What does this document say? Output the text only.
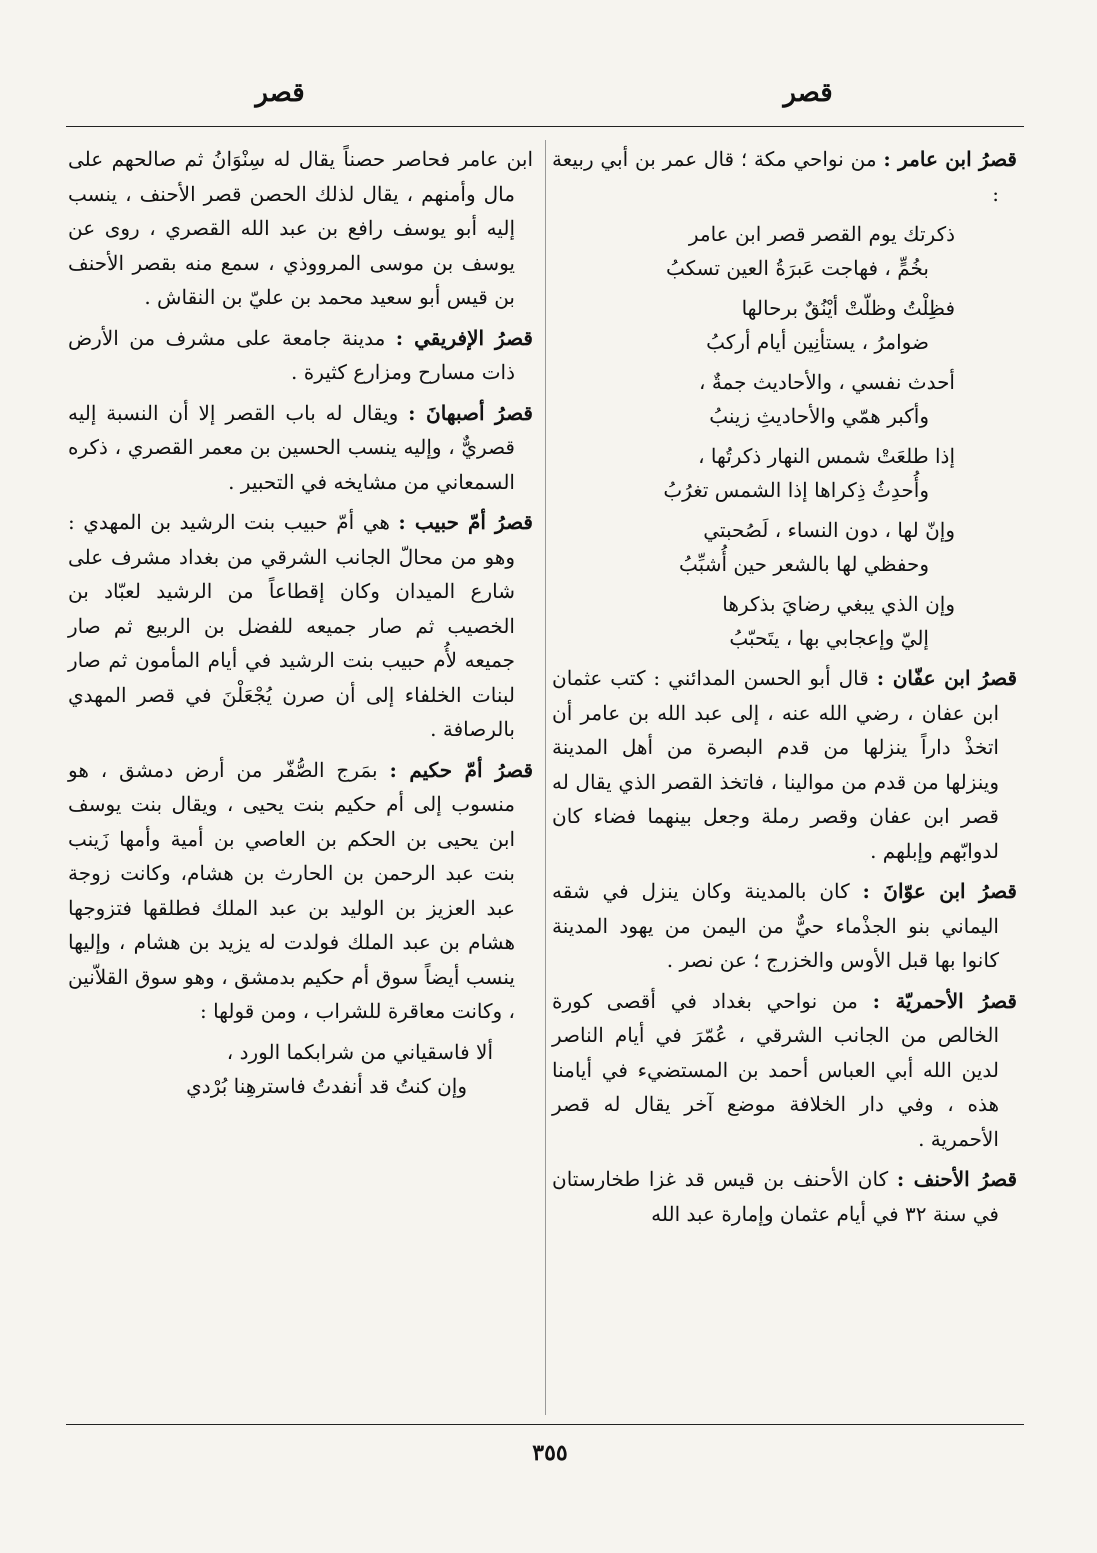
قصر
قصر
قصرُ ابن عامر : من نواحي مكة ؛ قال عمر بن أبي ربيعة :
ذكرتك يوم القصر قصر ابن عامر
بخُمٍّ ، فهاجت عَبرَةُ العين تسكبُ
فظِلْتُ وظلّتْ أيْنُقٌ برحالها
ضوامرُ ، يستأنِين أيام أركبُ
أحدث نفسي ، والأحاديث جمةٌ ،
وأكبر همّي والأحاديثِ زينبُ
إذا طلعَتْ شمس النهار ذكرتُها ،
وأُحدِثُ ذِكراها إذا الشمس تغرُبُ
وإنّ لها ، دون النساء ، لَصُحبتي
وحفظي لها بالشعر حين أُشبِّبُ
وإن الذي يبغي رضايَ بذكرها
إليّ وإعجابي بها ، يتَحبّبُ
قصرُ ابن عفّان : قال أبو الحسن المدائني : كتب عثمان ابن عفان ، رضي الله عنه ، إلى عبد الله بن عامر أن اتخذْ داراً ينزلها من قدم البصرة من أهل المدينة وينزلها من قدم من موالينا ، فاتخذ القصر الذي يقال له قصر ابن عفان وقصر رملة وجعل بينهما فضاء كان لدوابّهم وإبلهم .
قصرُ ابن عوّانَ : كان بالمدينة وكان ينزل في شقه اليماني بنو الجذْماء حيٌّ من اليمن من يهود المدينة كانوا بها قبل الأوس والخزرج ؛ عن نصر .
قصرُ الأحمريّة : من نواحي بغداد في أقصى كورة الخالص من الجانب الشرقي ، عُمّرَ في أيام الناصر لدين الله أبي العباس أحمد بن المستضيء في أيامنا هذه ، وفي دار الخلافة موضع آخر يقال له قصر الأحمرية .
قصرُ الأحنف : كان الأحنف بن قيس قد غزا طخارستان في سنة ٣٢ في أيام عثمان وإمارة عبد الله
ابن عامر فحاصر حصناً يقال له سِنْوَانُ ثم صالحهم على مال وأمنهم ، يقال لذلك الحصن قصر الأحنف ، ينسب إليه أبو يوسف رافع بن عبد الله القصري ، روى عن يوسف بن موسى المرووذي ، سمع منه بقصر الأحنف بن قيس أبو سعيد محمد بن عليّ بن النقاش .
قصرُ الإفريقي : مدينة جامعة على مشرف من الأرض ذات مسارح ومزارع كثيرة .
قصرُ أصبهانَ : ويقال له باب القصر إلا أن النسبة إليه قصريٌّ ، وإليه ينسب الحسين بن معمر القصري ، ذكره السمعاني من مشايخه في التحبير .
قصرُ أمّ حبيب : هي أمّ حبيب بنت الرشيد بن المهدي : وهو من محالّ الجانب الشرقي من بغداد مشرف على شارع الميدان وكان إقطاعاً من الرشيد لعبّاد بن الخصيب ثم صار جميعه للفضل بن الربيع ثم صار جميعه لأُم حبيب بنت الرشيد في أيام المأمون ثم صار لبنات الخلفاء إلى أن صرن يُجْعَلْنَ في قصر المهدي بالرصافة .
قصرُ أمّ حكيم : بمَرج الصُّفّر من أرض دمشق ، هو منسوب إلى أم حكيم بنت يحيى ، ويقال بنت يوسف ابن يحيى بن الحكم بن العاصي بن أمية وأمها زَينب بنت عبد الرحمن بن الحارث بن هشام، وكانت زوجة عبد العزيز بن الوليد بن عبد الملك فطلقها فتزوجها هشام بن عبد الملك فولدت له يزيد بن هشام ، وإليها ينسب أيضاً سوق أم حكيم بدمشق ، وهو سوق القلاّنين ، وكانت معاقرة للشراب ، ومن قولها :
ألا فاسقياني من شرابكما الورد ،
وإن كنتُ قد أنفدتُ فاسترهِنا بُرْدي
٣٥٥
